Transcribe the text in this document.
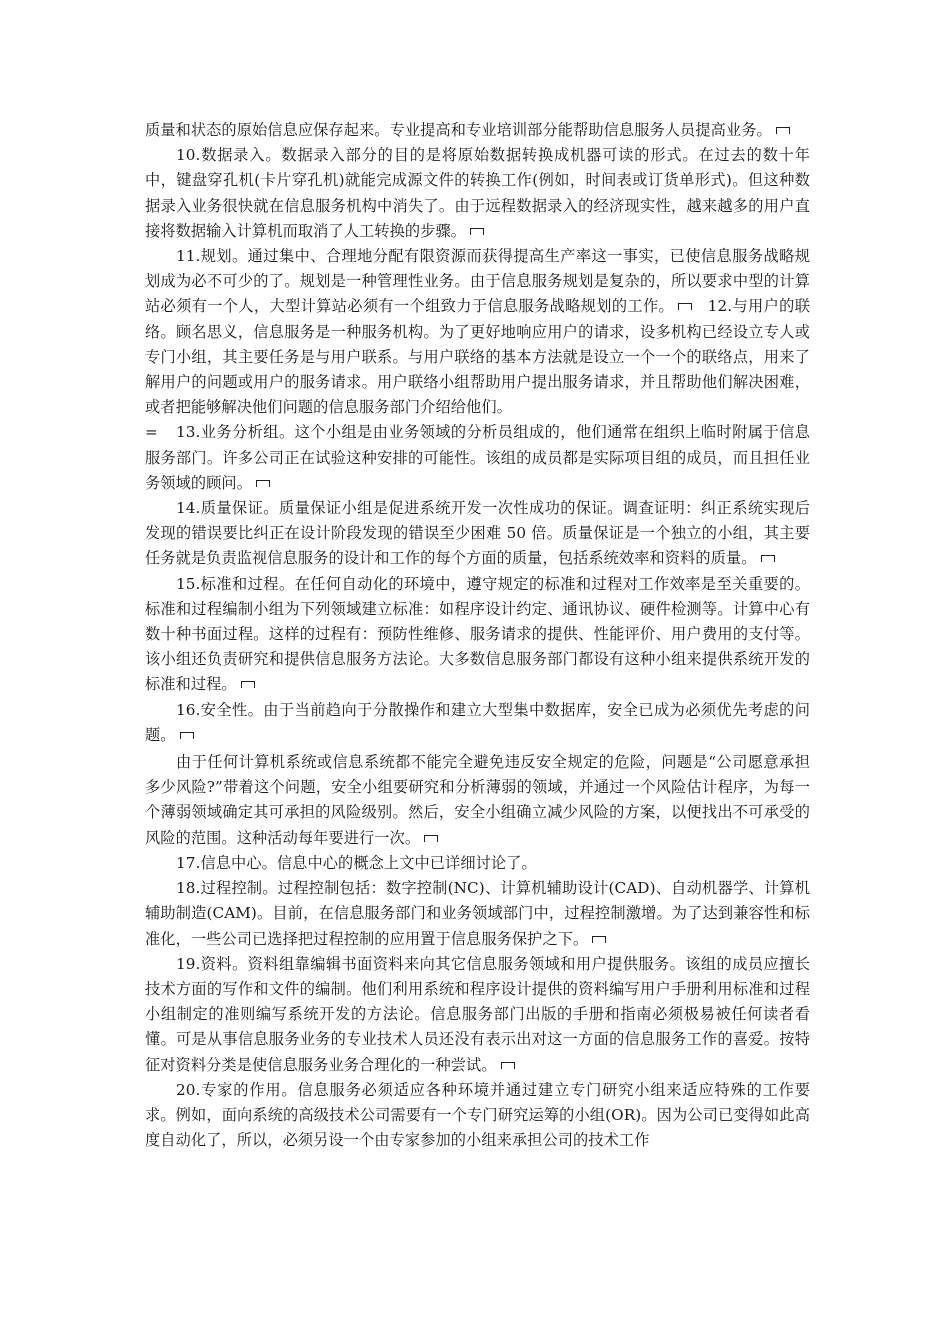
质量和状态的原始信息应保存起来。专业提高和专业培训部分能帮助信息服务人员提高业务。

10.数据录入。数据录入部分的目的是将原始数据转换成机器可读的形式。在过去的数十年中，键盘穿孔机(卡片穿孔机)就能完成源文件的转换工作(例如，时间表或订货单形式)。但这种数据录入业务很快就在信息服务机构中消失了。由于远程数据录入的经济现实性，越来越多的用户直接将数据输入计算机而取消了人工转换的步骤。

11.规划。通过集中、合理地分配有限资源而获得提高生产率这一事实，已使信息服务战略规划成为必不可少的了。规划是一种管理性业务。由于信息服务规划是复杂的，所以要求中型的计算站必须有一个人，大型计算站必须有一个组致力于信息服务战略规划的工作。 12.与用户的联络。顾名思义，信息服务是一种服务机构。为了更好地响应用户的请求，设多机构已经设立专人或专门小组，其主要任务是与用户联系。与用户联络的基本方法就是设立一个一个的联络点，用来了解用户的问题或用户的服务请求。用户联络小组帮助用户提出服务请求，并且帮助他们解决困难，或者把能够解决他们问题的信息服务部门介绍给他们。

= 13.业务分析组。这个小组是由业务领域的分析员组成的，他们通常在组织上临时附属于信息服务部门。许多公司正在试验这种安排的可能性。该组的成员都是实际项目组的成员，而且担任业务领域的顾问。

14.质量保证。质量保证小组是促进系统开发一次性成功的保证。调查证明：纠正系统实现后发现的错误要比纠正在设计阶段发现的错误至少困难 50 倍。质量保证是一个独立的小组，其主要任务就是负责监视信息服务的设计和工作的每个方面的质量，包括系统效率和资料的质量。

15.标准和过程。在任何自动化的环境中，遵守规定的标准和过程对工作效率是至关重要的。标准和过程编制小组为下列领域建立标准：如程序设计约定、通讯协议、硬件检测等。计算中心有数十种书面过程。这样的过程有：预防性维修、服务请求的提供、性能评价、用户费用的支付等。该小组还负责研究和提供信息服务方法论。大多数信息服务部门都设有这种小组来提供系统开发的标准和过程。

16.安全性。由于当前趋向于分散操作和建立大型集中数据库，安全已成为必须优先考虑的问题。

由于任何计算机系统或信息系统都不能完全避免违反安全规定的危险，问题是“公司愿意承担多少风险?”带着这个问题，安全小组要研究和分析薄弱的领域，并通过一个风险估计程序，为每一个薄弱领域确定其可承担的风险级别。然后，安全小组确立减少风险的方案，以便找出不可承受的风险的范围。这种活动每年要进行一次。

17.信息中心。信息中心的概念上文中已详细讨论了。

18.过程控制。过程控制包括：数字控制(NC)、计算机辅助设计(CAD)、自动机器学、计算机辅助制造(CAM)。目前，在信息服务部门和业务领域部门中，过程控制激增。为了达到兼容性和标准化，一些公司已选择把过程控制的应用置于信息服务保护之下。

19.资料。资料组靠编辑书面资料来向其它信息服务领域和用户提供服务。该组的成员应擅长技术方面的写作和文件的编制。他们利用系统和程序设计提供的资料编写用户手册利用标准和过程小组制定的准则编写系统开发的方法论。信息服务部门出版的手册和指南必须极易被任何读者看懂。可是从事信息服务业务的专业技术人员还没有表示出对这一方面的信息服务工作的喜爱。按特征对资料分类是使信息服务业务合理化的一种尝试。

20.专家的作用。信息服务必须适应各种环境并通过建立专门研究小组来适应特殊的工作要求。例如，面向系统的高级技术公司需要有一个专门研究运筹的小组(OR)。因为公司已变得如此高度自动化了，所以，必须另设一个由专家参加的小组来承担公司的技术工作
